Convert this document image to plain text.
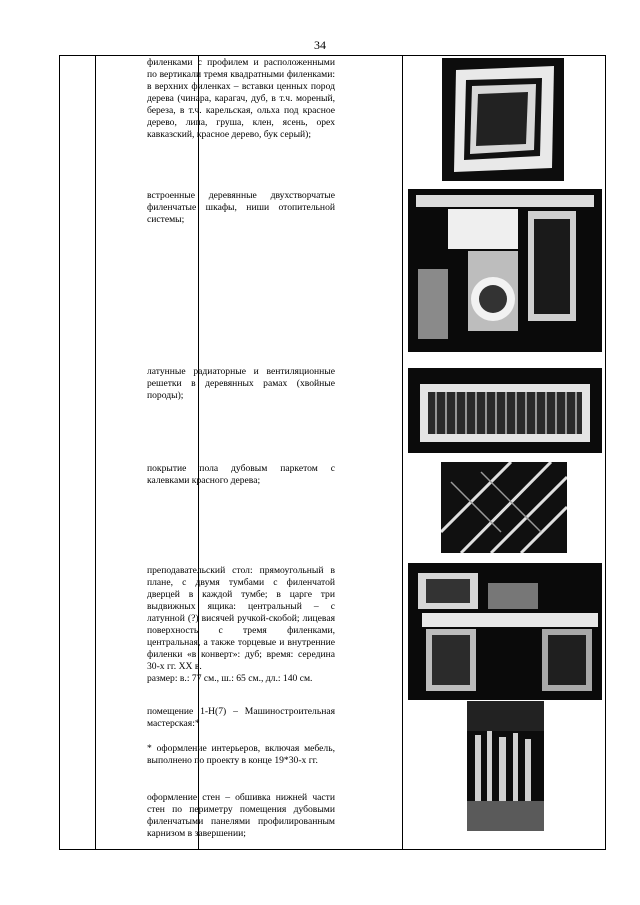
34

филенками с профилем и расположенными по вертикали тремя квадратными филенками: в верхних филенках – вставки ценных пород дерева (чинара, карагач, дуб, в т.ч. мореный, береза, в т.ч. карельская, ольха под красное дерево, липа, груша, клен, ясень, орех кавказский, красное дерево, бук серый);

встроенные деревянные двухстворчатые филенчатые шкафы, ниши отопительной системы;

латунные радиаторные и вентиляционные решетки в деревянных рамах (хвойные породы);

покрытие пола дубовым паркетом с калевками красного дерева;

преподавательский стол: прямоугольный в плане, с двумя тумбами с филенчатой дверцей в каждой тумбе; в царге три выдвижных ящика: центральный – с латунной (?) висячей ручкой-скобой; лицевая поверхность с тремя филенками, центральная, а также торцевые и внутренние филенки «в конверт»: дуб; время: середина 30-х гг. XX в.

размер: в.: 77 см., ш.: 65 см., дл.: 140 см.

помещение 1-Н(7) – Машиностроительная мастерская:*

* оформление интерьеров, включая мебель, выполнено по проекту в конце 19*30-х гг.

оформление стен – обшивка нижней части стен по периметру помещения дубовыми филенчатыми панелями профилированным карнизом в завершении;
